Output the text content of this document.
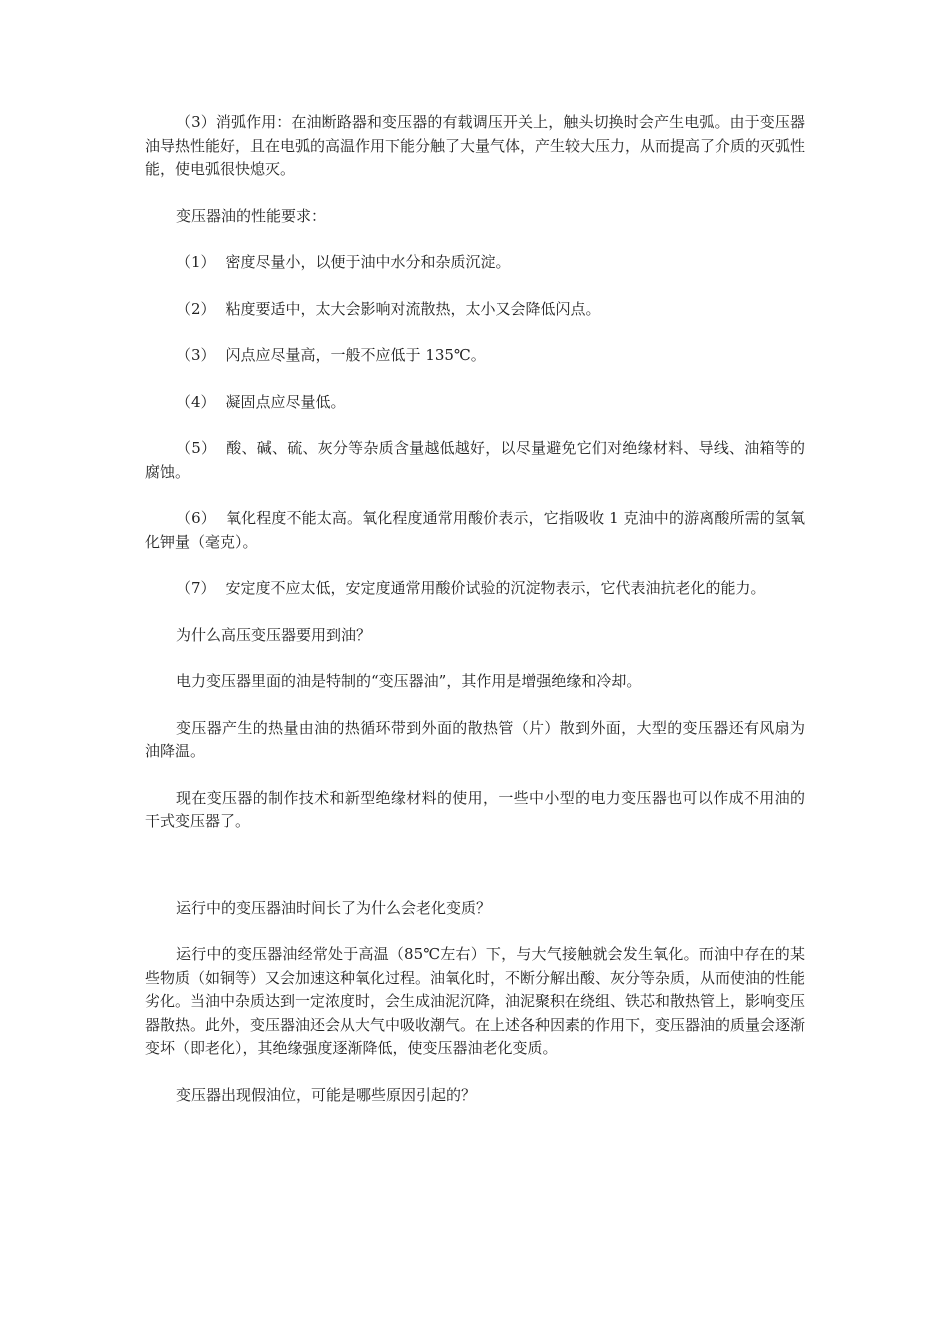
（3）消弧作用：在油断路器和变压器的有载调压开关上，触头切换时会产生电弧。由于变压器油导热性能好，且在电弧的高温作用下能分触了大量气体，产生较大压力，从而提高了介质的灭弧性能，使电弧很快熄灭。

变压器油的性能要求：

（1） 密度尽量小，以便于油中水分和杂质沉淀。

（2） 粘度要适中，太大会影响对流散热，太小又会降低闪点。

（3） 闪点应尽量高，一般不应低于 135℃。

（4） 凝固点应尽量低。

（5） 酸、碱、硫、灰分等杂质含量越低越好，以尽量避免它们对绝缘材料、导线、油箱等的腐蚀。

（6） 氧化程度不能太高。氧化程度通常用酸价表示，它指吸收 1 克油中的游离酸所需的氢氧化钾量（毫克）。

（7） 安定度不应太低，安定度通常用酸价试验的沉淀物表示，它代表油抗老化的能力。

为什么高压变压器要用到油？

电力变压器里面的油是特制的“变压器油”，其作用是增强绝缘和冷却。

变压器产生的热量由油的热循环带到外面的散热管（片）散到外面，大型的变压器还有风扇为油降温。

现在变压器的制作技术和新型绝缘材料的使用，一些中小型的电力变压器也可以作成不用油的干式变压器了。

运行中的变压器油时间长了为什么会老化变质？

运行中的变压器油经常处于高温（85℃左右）下，与大气接触就会发生氧化。而油中存在的某些物质（如铜等）又会加速这种氧化过程。油氧化时，不断分解出酸、灰分等杂质，从而使油的性能劣化。当油中杂质达到一定浓度时，会生成油泥沉降，油泥聚积在绕组、铁芯和散热管上，影响变压器散热。此外，变压器油还会从大气中吸收潮气。在上述各种因素的作用下，变压器油的质量会逐渐变坏（即老化），其绝缘强度逐渐降低，使变压器油老化变质。

变压器出现假油位，可能是哪些原因引起的？
